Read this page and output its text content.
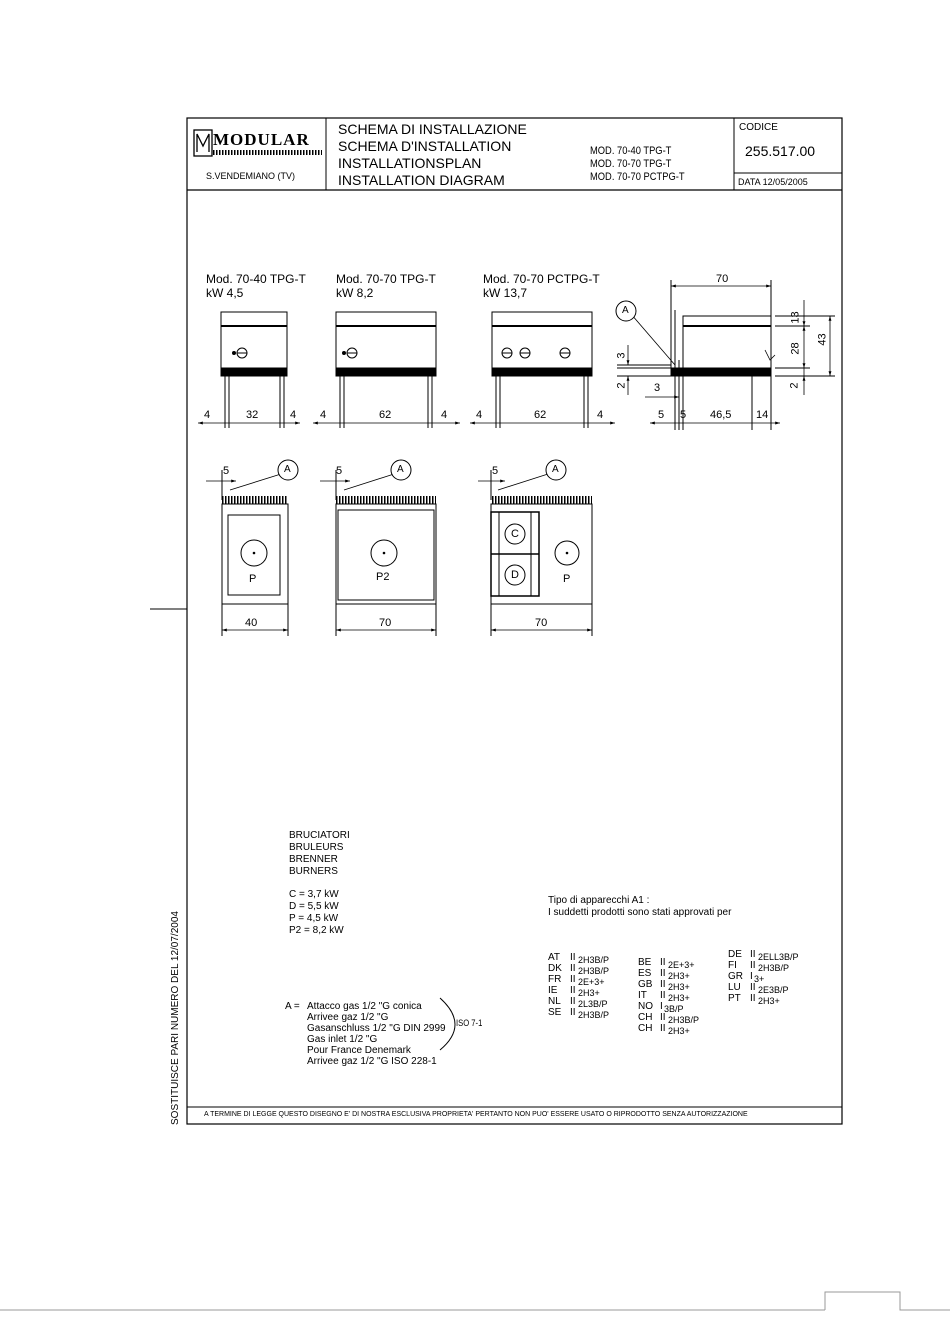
MODULAR
S.VENDEMIANO (TV)
SCHEMA DI INSTALLAZIONE
SCHEMA D'INSTALLATION
INSTALLATIONSPLAN
INSTALLATION DIAGRAM
MOD. 70-40 TPG-T
MOD. 70-70 TPG-T
MOD. 70-70 PCTPG-T
CODICE
255.517.00
DATA 12/05/2005
Mod. 70-40 TPG-T
kW 4,5
Mod. 70-70 TPG-T
kW 8,2
Mod. 70-70 PCTPG-T
kW 13,7
4	32	4 4	62	4	4	62	4
A
70
13
28
43
3
2	2
3
5 5 46,5 14
5	A
P
40
5	A
P2
70
5	A
C
D	P
70
BRUCIATORI
BRULEURS
BRENNER
BURNERS
C = 3,7 kW
D = 5,5 kW
P = 4,5 kW
P2 = 8,2 kW
Tipo di apparecchi A1 :
I suddetti prodotti sono stati approvati per
AT II 2H3B/P
DK II 2H3B/P
FR II 2E+3+
IE II 2H3+
NL II 2L3B/P
SE II 2H3B/P
BE II 2E+3+
ES II 2H3+
GB II 2H3+
IT II 2H3+
NO I 3B/P
CH II 2H3B/P
CH II 2H3+
DE II 2ELL3B/P
FI II 2H3B/P
GR I 3+
LU II 2E3B/P
PT II 2H3+
A = Attacco gas 1/2 "G conica
Arrivee gaz 1/2 "G
Gasanschluss 1/2 "G DIN 2999
Gas inlet 1/2 "G
Pour France Denemark
Arrivee gaz 1/2 "G ISO 228-1
ISO 7-1
A TERMINE DI LEGGE QUESTO DISEGNO E' DI NOSTRA ESCLUSIVA PROPRIETA' PERTANTO NON PUO' ESSERE USATO O RIPRODOTTO SENZA AUTORIZZAZIONE
SOSTITUISCE PARI NUMERO DEL 12/07/2004
